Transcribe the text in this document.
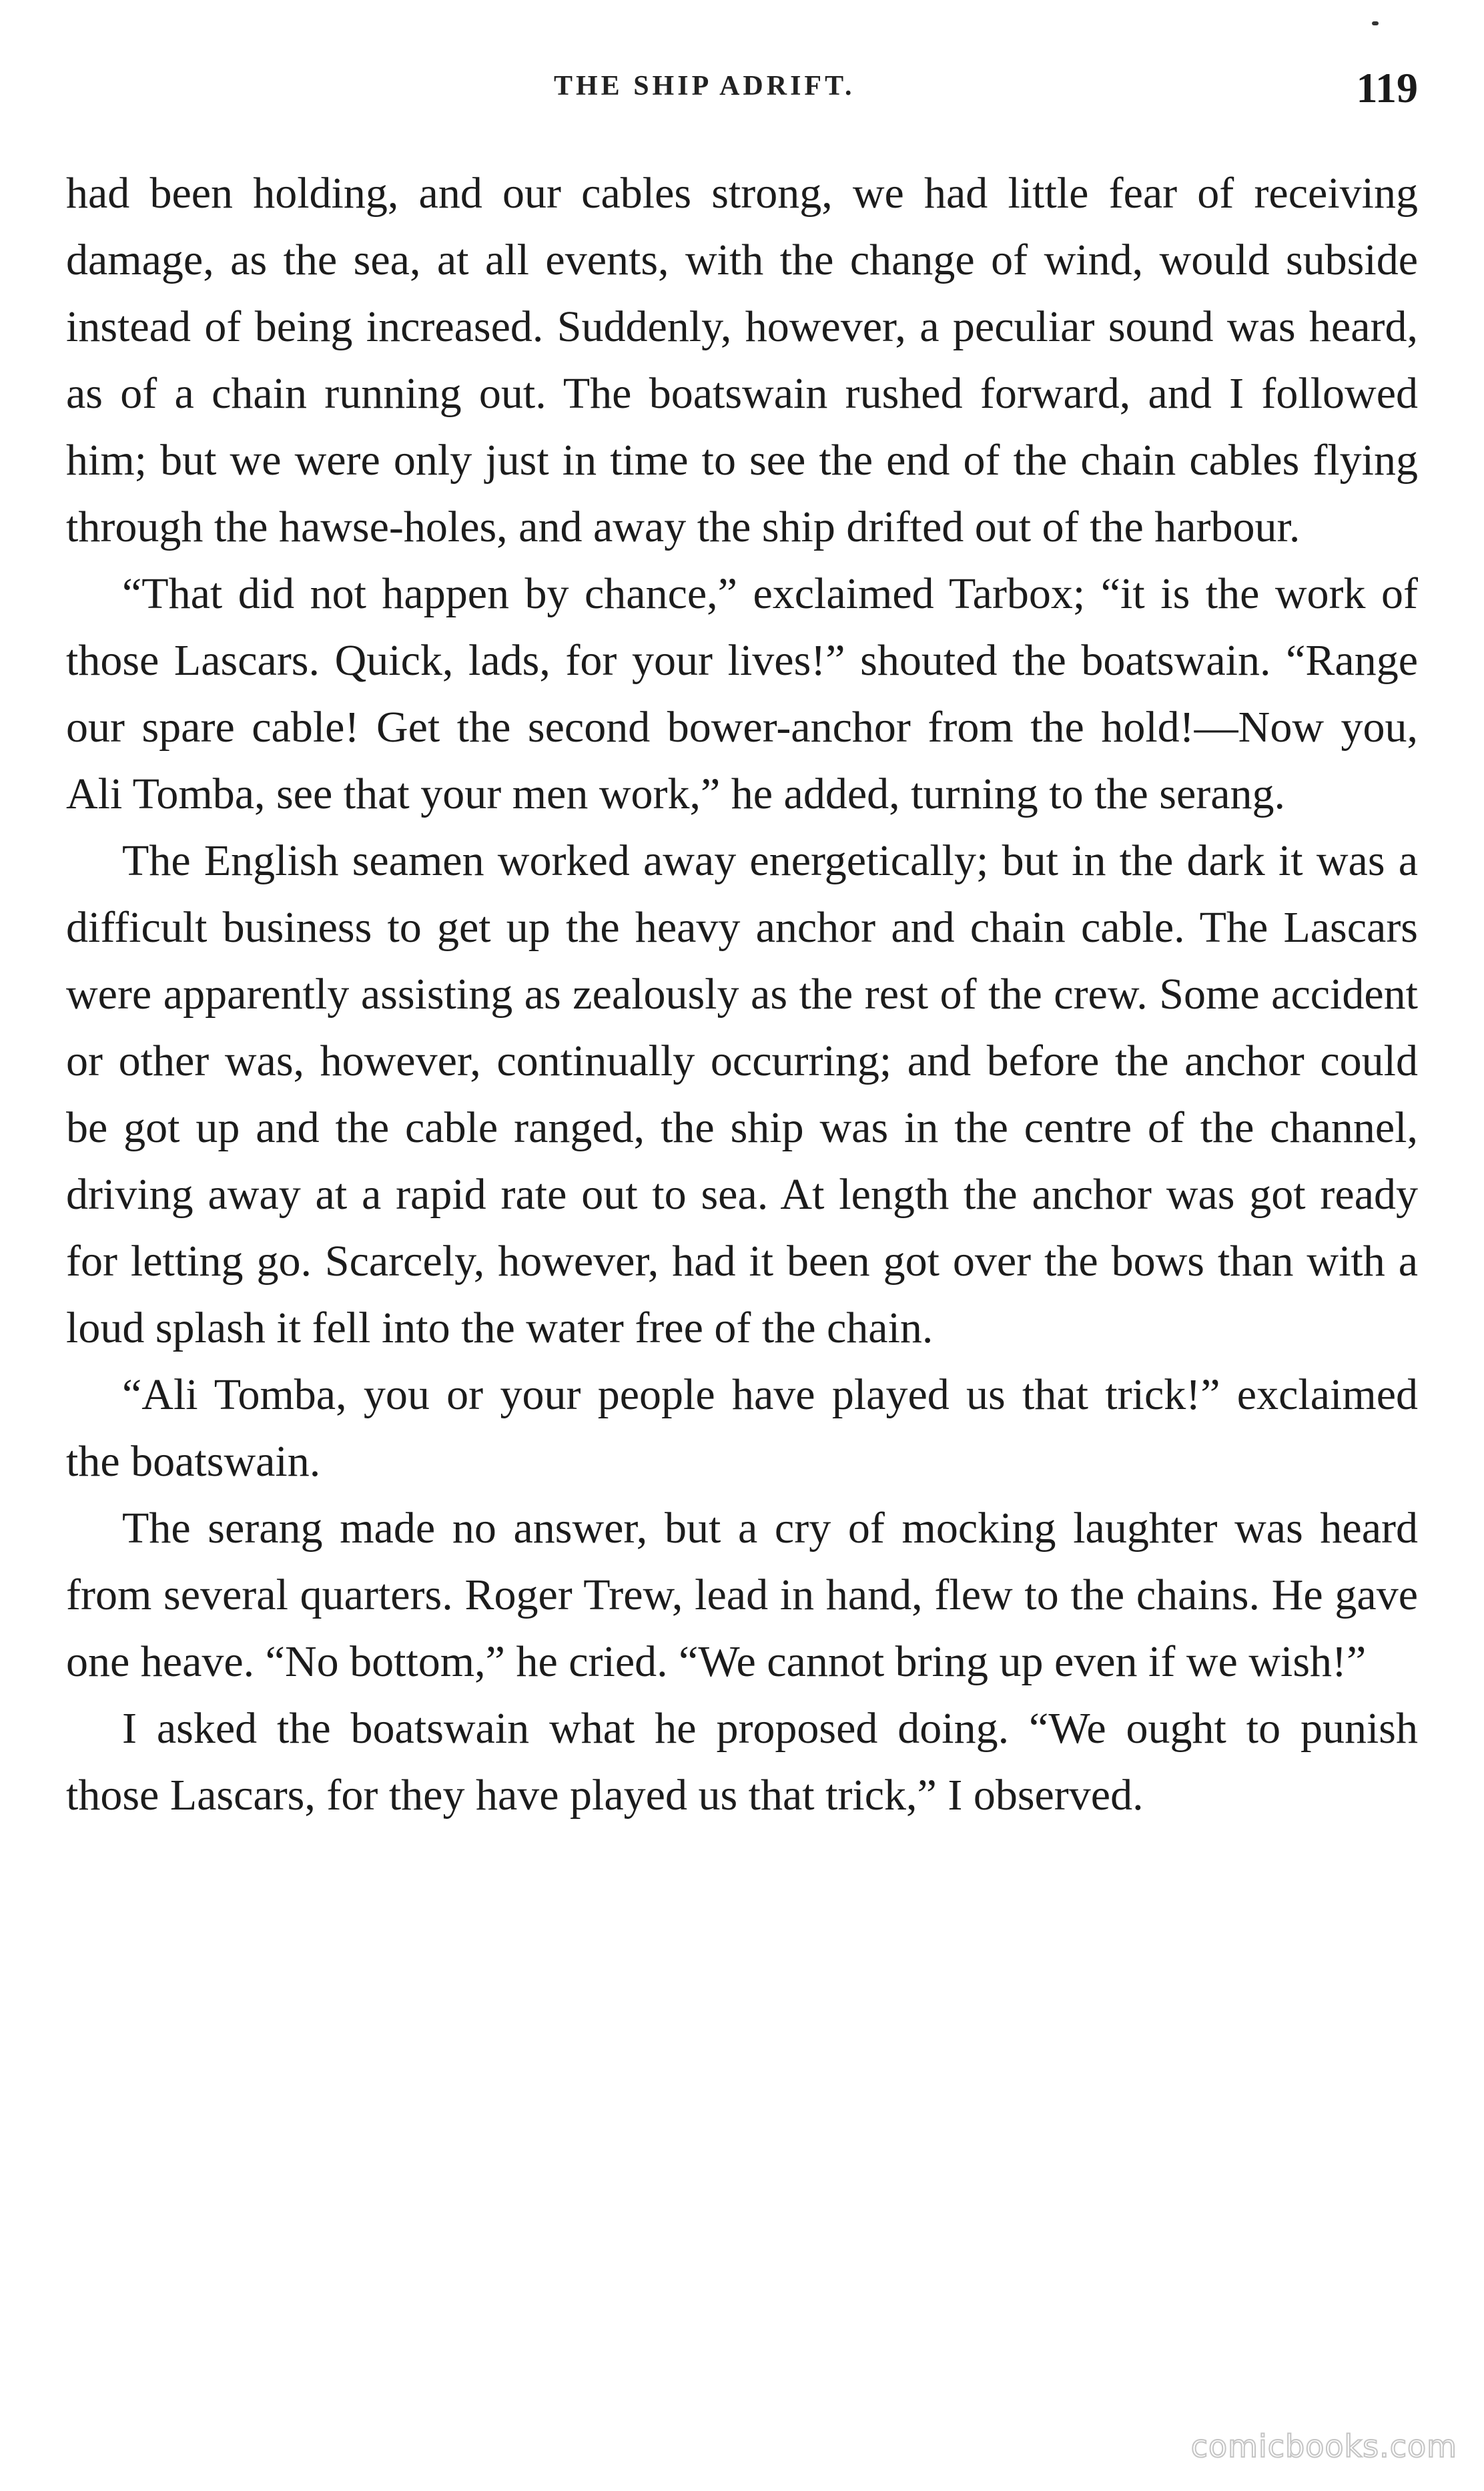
THE SHIP ADRIFT.	119

had been holding, and our cables strong, we had little fear of receiving damage, as the sea, at all events, with the change of wind, would subside instead of being increased. Suddenly, however, a peculiar sound was heard, as of a chain running out. The boatswain rushed forward, and I followed him; but we were only just in time to see the end of the chain cables flying through the hawse-holes, and away the ship drifted out of the harbour.

“That did not happen by chance,” exclaimed Tarbox; “it is the work of those Lascars. Quick, lads, for your lives!” shouted the boatswain. “Range our spare cable! Get the second bower-anchor from the hold!—Now you, Ali Tomba, see that your men work,” he added, turning to the serang.

The English seamen worked away energetically; but in the dark it was a difficult business to get up the heavy anchor and chain cable. The Lascars were apparently assisting as zealously as the rest of the crew. Some accident or other was, however, continually occurring; and before the anchor could be got up and the cable ranged, the ship was in the centre of the channel, driving away at a rapid rate out to sea. At length the anchor was got ready for letting go. Scarcely, however, had it been got over the bows than with a loud splash it fell into the water free of the chain.

“Ali Tomba, you or your people have played us that trick!” exclaimed the boatswain.

The serang made no answer, but a cry of mocking laughter was heard from several quarters. Roger Trew, lead in hand, flew to the chains. He gave one heave. “No bottom,” he cried. “We cannot bring up even if we wish!”

I asked the boatswain what he proposed doing. “We ought to punish those Lascars, for they have played us that trick,” I observed.

comicbooks.com
